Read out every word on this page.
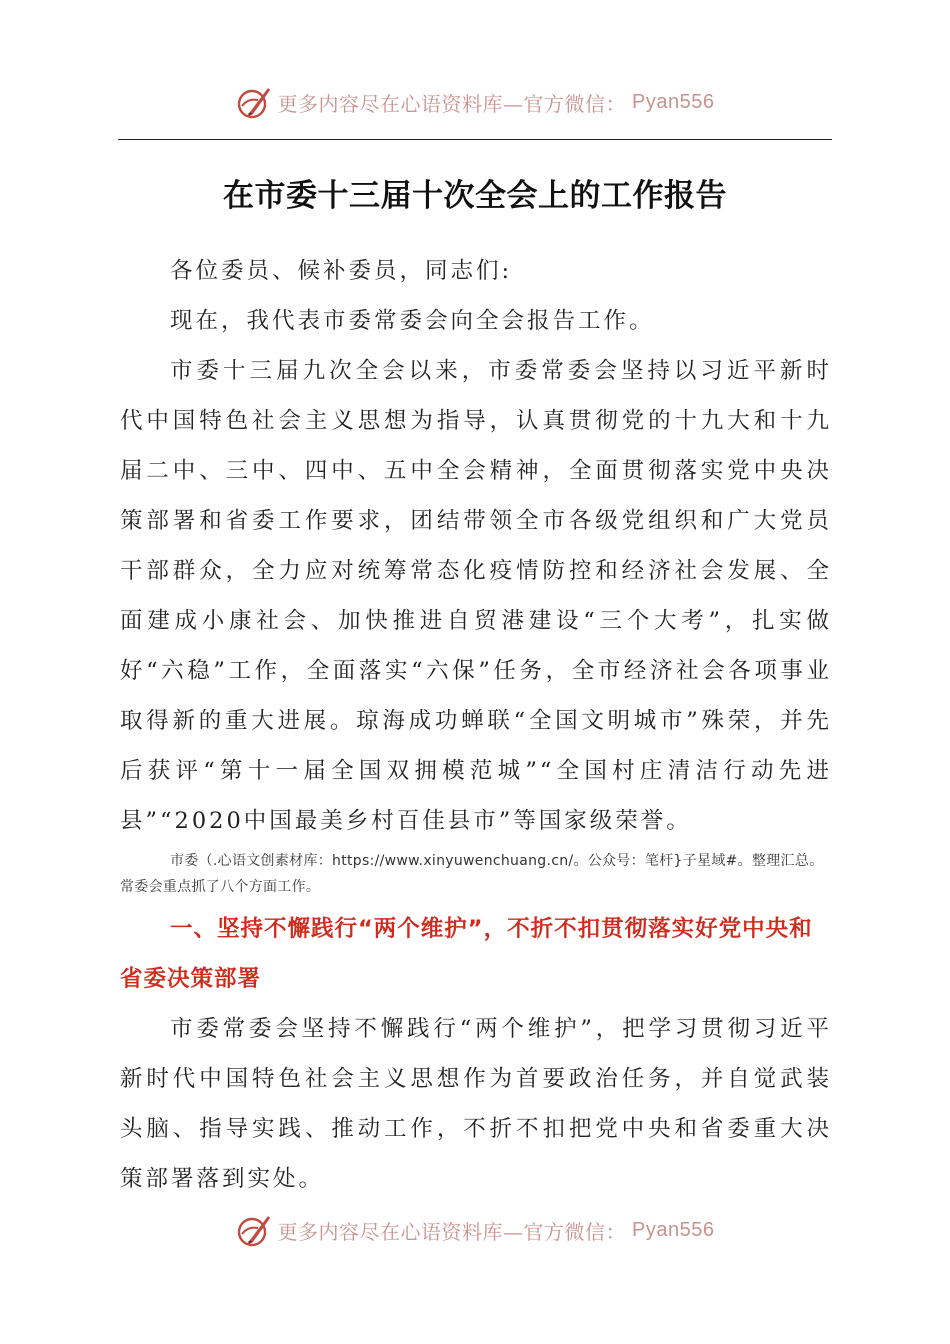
更多内容尽在心语资料库—官方微信： Pyan556
在市委十三届十次全会上的工作报告

各位委员、候补委员，同志们:

现在，我代表市委常委会向全会报告工作。

市委十三届九次全会以来，市委常委会坚持以习近平新时代中国特色社会主义思想为指导，认真贯彻党的十九大和十九届二中、三中、四中、五中全会精神，全面贯彻落实党中央决策部署和省委工作要求，团结带领全市各级党组织和广大党员干部群众，全力应对统筹常态化疫情防控和经济社会发展、全面建成小康社会、加快推进自贸港建设“三个大考”，扎实做好“六稳”工作，全面落实“六保”任务，全市经济社会各项事业取得新的重大进展。琼海成功蝉联“全国文明城市”殊荣，并先后获评“第十一届全国双拥模范城”“全国村庄清洁行动先进县”“2020中国最美乡村百佳县市”等国家级荣誉。

市委（.心语文创素材库：https://www.xinyuwenchuang.cn/。公众号：笔杆}子星域#。整理汇总。常委会重点抓了八个方面工作。

一、坚持不懈践行“两个维护”，不折不扣贯彻落实好党中央和省委决策部署

市委常委会坚持不懈践行“两个维护”，把学习贯彻习近平新时代中国特色社会主义思想作为首要政治任务，并自觉武装头脑、指导实践、推动工作，不折不扣把党中央和省委重大决策部署落到实处。

更多内容尽在心语资料库—官方微信： Pyan556
